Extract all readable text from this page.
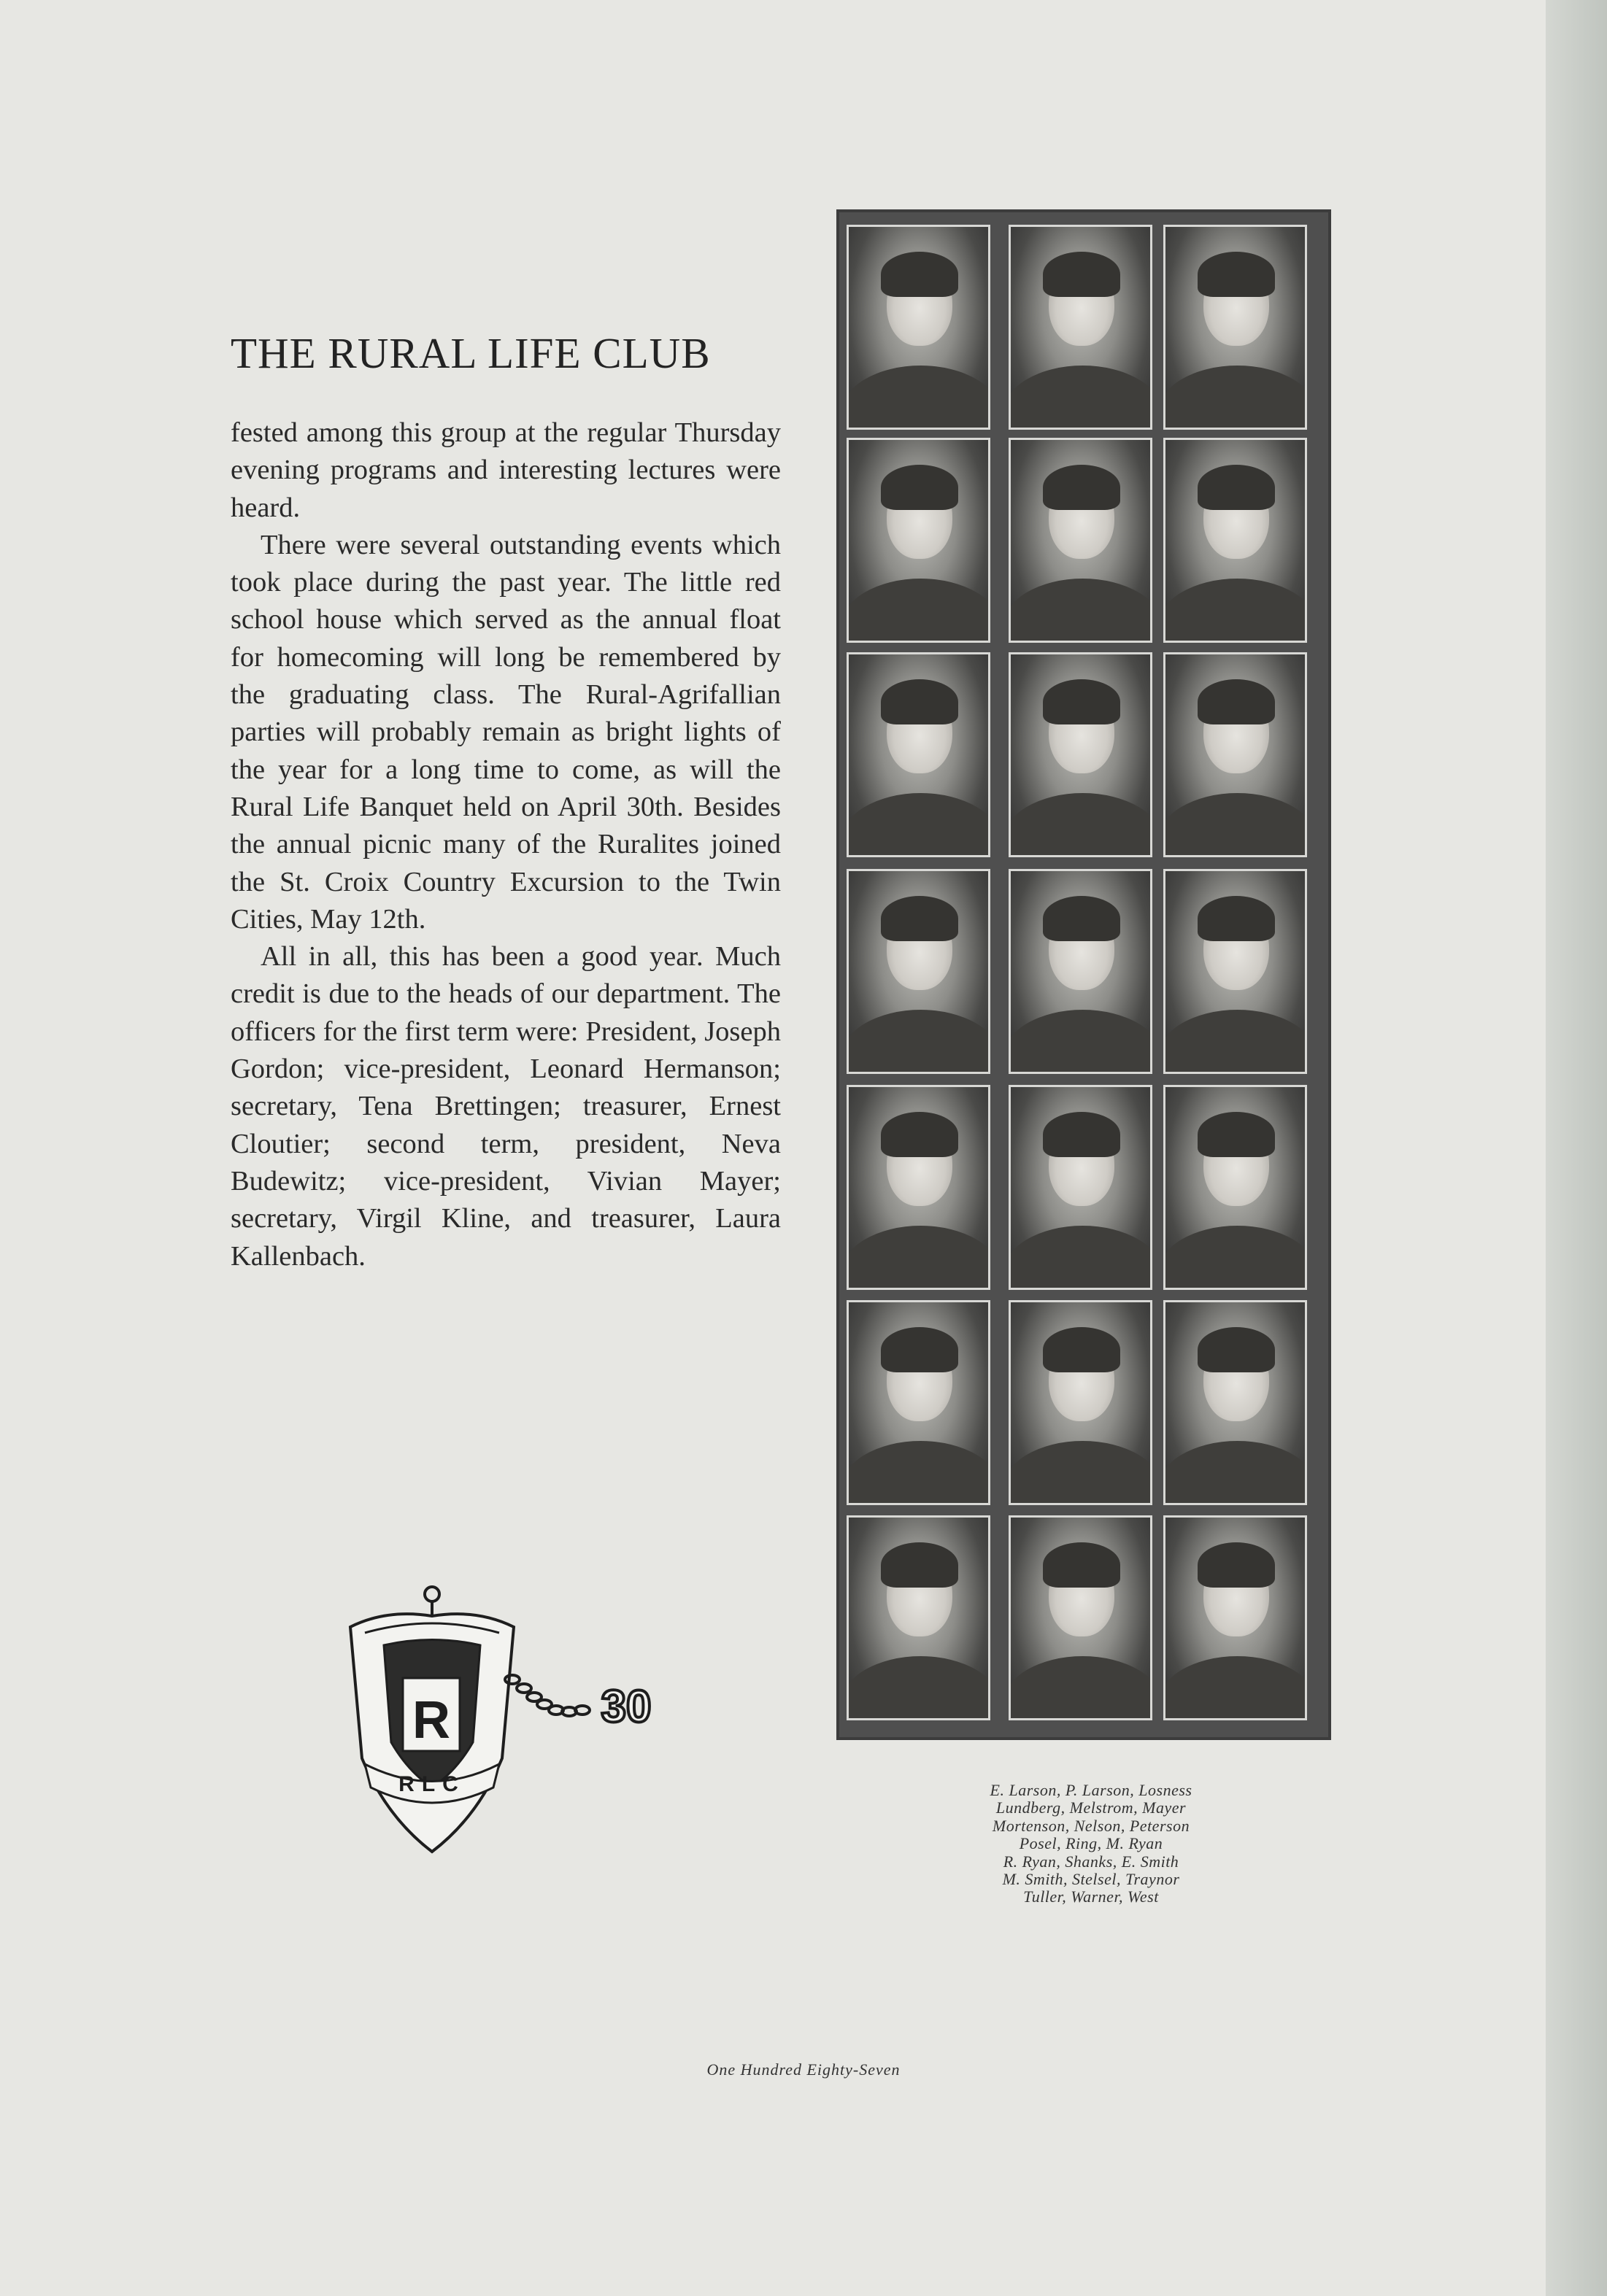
THE RURAL LIFE CLUB

fested among this group at the regular Thursday evening programs and interesting lectures were heard.

There were several outstanding events which took place during the past year. The little red school house which served as the annual float for homecoming will long be remembered by the graduating class. The Rural-Agrifallian parties will probably remain as bright lights of the year for a long time to come, as will the Rural Life Banquet held on April 30th. Besides the annual picnic many of the Ruralites joined the St. Croix Country Excursion to the Twin Cities, May 12th.

All in all, this has been a good year. Much credit is due to the heads of our department. The officers for the first term were: President, Joseph Gordon; vice-president, Leonard Hermanson; secretary, Tena Brettingen; treasurer, Ernest Cloutier; second term, president, Neva Budewitz; vice-president, Vivian Mayer; secretary, Virgil Kline, and treasurer, Laura Kallenbach.

R
RLC
30
E. Larson, P. Larson, Losness
Lundberg, Melstrom, Mayer
Mortenson, Nelson, Peterson
Posel, Ring, M. Ryan
R. Ryan, Shanks, E. Smith
M. Smith, Stelsel, Traynor
Tuller, Warner, West
One Hundred Eighty-Seven
